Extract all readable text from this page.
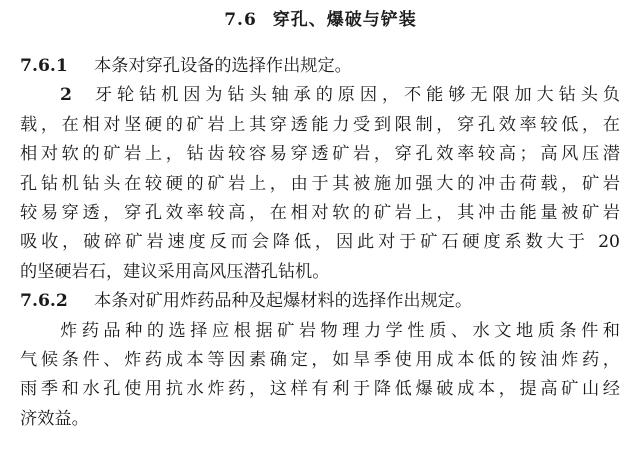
7.6 穿孔、爆破与铲装
7.6.1 本条对穿孔设备的选择作出规定。
2 牙轮钻机因为钻头轴承的原因，不能够无限加大钻头负
载，在相对坚硬的矿岩上其穿透能力受到限制，穿孔效率较低，在
相对软的矿岩上，钻齿较容易穿透矿岩，穿孔效率较高；高风压潜
孔钻机钻头在较硬的矿岩上，由于其被施加强大的冲击荷载，矿岩
较易穿透，穿孔效率较高，在相对软的矿岩上，其冲击能量被矿岩
吸收，破碎矿岩速度反而会降低，因此对于矿石硬度系数大于 20
的坚硬岩石，建议采用高风压潜孔钻机。
7.6.2 本条对矿用炸药品种及起爆材料的选择作出规定。
炸药品种的选择应根据矿岩物理力学性质、水文地质条件和
气候条件、炸药成本等因素确定，如旱季使用成本低的铵油炸药，
雨季和水孔使用抗水炸药，这样有利于降低爆破成本，提高矿山经
济效益。
